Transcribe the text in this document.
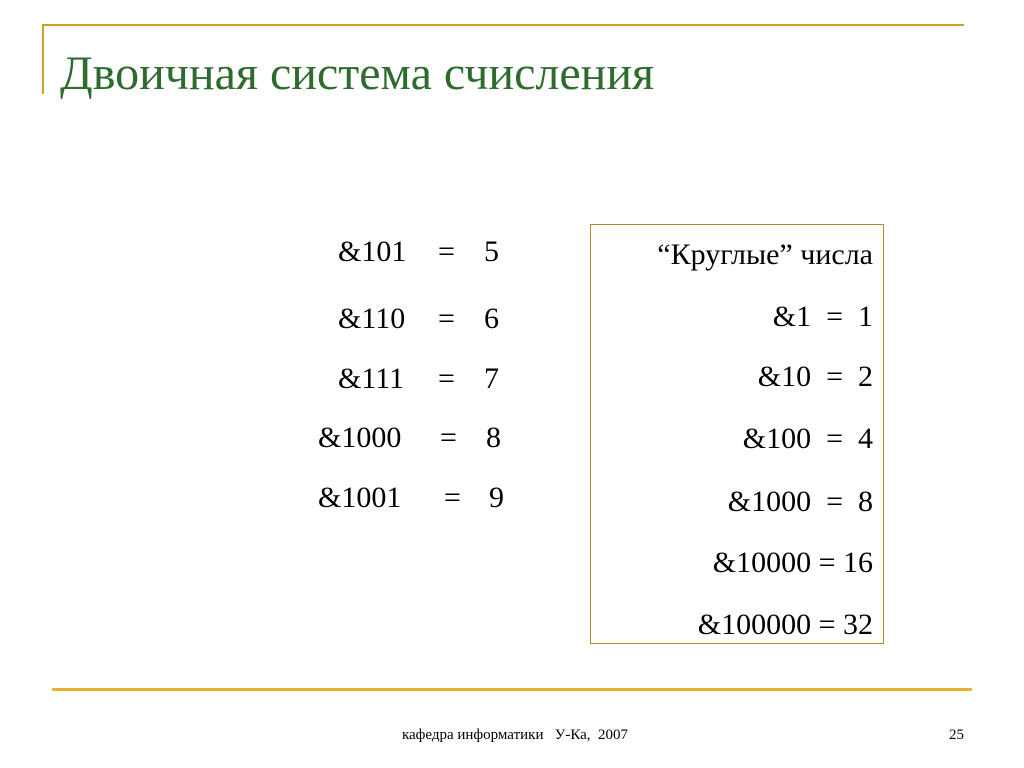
Двоичная система счисления
&101 = 5
&110 = 6
&111 = 7
&1000 = 8
&1001 = 9
“Круглые” числа
&1  =  1
&10  =  2
&100  =  4
&1000  =  8
&10000 = 16
&100000 = 32
кафедра информатики   У-Ка,  2007	25
